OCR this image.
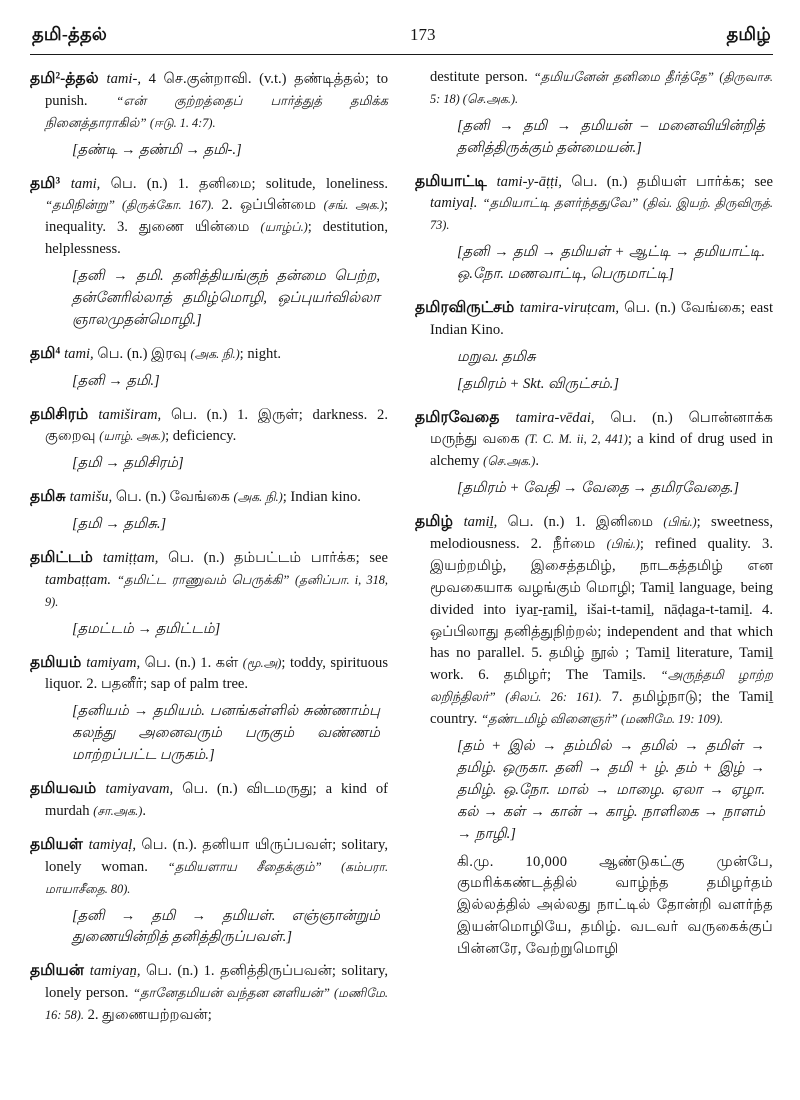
தமி-த்தல்	173	தமிழ்
தமி²-த்தல் tami-, 4 செ.குன்றாவி. (v.t.) தண்டித்தல்; to punish. “என் குற்றத்தைப் பார்த்துத் தமிக்க நினைத்தாராகில்” (ஈடு. 1. 4:7).
[தண்டி → தண்மி → தமி-.]
தமி³ tami, பெ. (n.) 1. தனிமை; solitude, loneliness. “தமிநின்று” (திருக்கோ. 167). 2. ஒப்பின்மை (சங். அக.); inequality. 3. துணை யின்மை (யாழ்ப்.); destitution, helplessness.
[தனி → தமி. தனித்தியங்குந் தன்மை பெற்ற, தன்னேரில்லாத் தமிழ்மொழி, ஒப்புயர்வில்லா ஞாலமுதன்மொழி.]
தமி⁴ tami, பெ. (n.) இரவு (அக. நி.); night.
[தனி → தமி.]
தமிசிரம் tamiširam, பெ. (n.) 1. இருள்; darkness. 2. குறைவு (யாழ். அக.); deficiency.
[தமி → தமிசிரம்]
தமிசு tamišu, பெ. (n.) வேங்கை (அக. நி.); Indian kino.
[தமி → தமிசு.]
தமிட்டம் tamiṭṭam, பெ. (n.) தம்பட்டம் பார்க்க; see tambaṭṭam. “தமிட்ட ராணுவம் பெருக்கி” (தனிப்பா. i, 318, 9).
[தமட்டம் → தமிட்டம்]
தமியம் tamiyam, பெ. (n.) 1. கள் (மூ.அ); toddy, spirituous liquor. 2. பதனீர்; sap of palm tree.
[தனியம் → தமியம். பனங்கள்ளில் சுண்ணாம்பு கலந்து அனைவரும் பருகும் வண்ணம் மாற்றப்பட்ட பருகம்.]
தமியவம் tamiyavam, பெ. (n.) விடமருது; a kind of murdah (சா.அக.).
தமியள் tamiyaḷ, பெ. (n.). தனியா யிருப்பவள்; solitary, lonely woman. “தமியளாய சீதைக்கும்” (கம்பரா. மாயாசீதை. 80).
[தனி → தமி → தமியள். எஞ்ஞான்றும் துணையின்றித் தனித்திருப்பவள்.]
தமியன் tamiyaṉ, பெ. (n.) 1. தனித்திருப்பவன்; solitary, lonely person. “தானேதமியன் வந்தன னளியன்” (மணிமே. 16: 58). 2. துணையற்றவன்;
destitute person. “தமியனேன் தனிமை தீர்த்தே” (திருவாச. 5: 18) (செ.அக.).
[தனி → தமி → தமியன் – மனைவியின்றித் தனித்திருக்கும் தன்மையன்.]
தமியாட்டி tami-y-āṭṭi, பெ. (n.) தமியள் பார்க்க; see tamiyaḷ. “தமியாட்டி தளர்ந்ததுவே” (திவ். இயற். திருவிருத். 73).
[தனி → தமி → தமியள் + ஆட்டி → தமியாட்டி. ஒ.நோ. மணவாட்டி, பெருமாட்டி]
தமிரவிருட்சம் tamira-viruṭcam, பெ. (n.) வேங்கை; east Indian Kino.
மறுவ. தமிசு
[தமிரம் + Skt. விருட்சம்.]
தமிரவேதை tamira-vēdai, பெ. (n.) பொன்னாக்க மருந்து வகை (T. C. M. ii, 2, 441); a kind of drug used in alchemy (செ.அக.).
[தமிரம் + வேதி → வேதை → தமிரவேதை.]
தமிழ் tamiḻ, பெ. (n.) 1. இனிமை (பிங்.); sweetness, melodiousness. 2. நீர்மை (பிங்.); refined quality. 3. இயற்றமிழ், இசைத்தமிழ், நாடகத்தமிழ் என மூவகையாக வழங்கும் மொழி; Tamiḻ language, being divided into iyaṟ-ṟamiḻ, išai-t-tamiḻ, nāḍaga-t-tamiḻ. 4. ஒப்பிலாது தனித்துநிற்றல்; independent and that which has no parallel. 5. தமிழ் நூல் ; Tamiḻ literature, Tamiḻ work. 6. தமிழர்; The Tamiḻs. “அருந்தமி ழாற்ற லறிந்திலர்” (சிலப். 26: 161). 7. தமிழ்நாடு; the Tamiḻ country. “தண்டமிழ் வினைஞர்” (மணிமே. 19: 109).
[தம் + இல் → தம்மில் → தமில் → தமிள் → தமிழ். ஒருகா. தனி → தமி + ழ். தம் + இழ் → தமிழ். ஒ.நோ. மால் → மாழை. ஏலா → ஏழா. கல் → கள் → கான் → காழ். நாளிகை → நாளம் → நாழி.]
கி.மு. 10,000 ஆண்டுகட்கு முன்பே, குமரிக்கண்டத்தில் வாழ்ந்த தமிழர்தம் இல்லத்தில் அல்லது நாட்டில் தோன்றி வளர்ந்த இயன்மொழியே, தமிழ். வடவர் வருகைக்குப் பின்னரே, வேற்றுமொழி
